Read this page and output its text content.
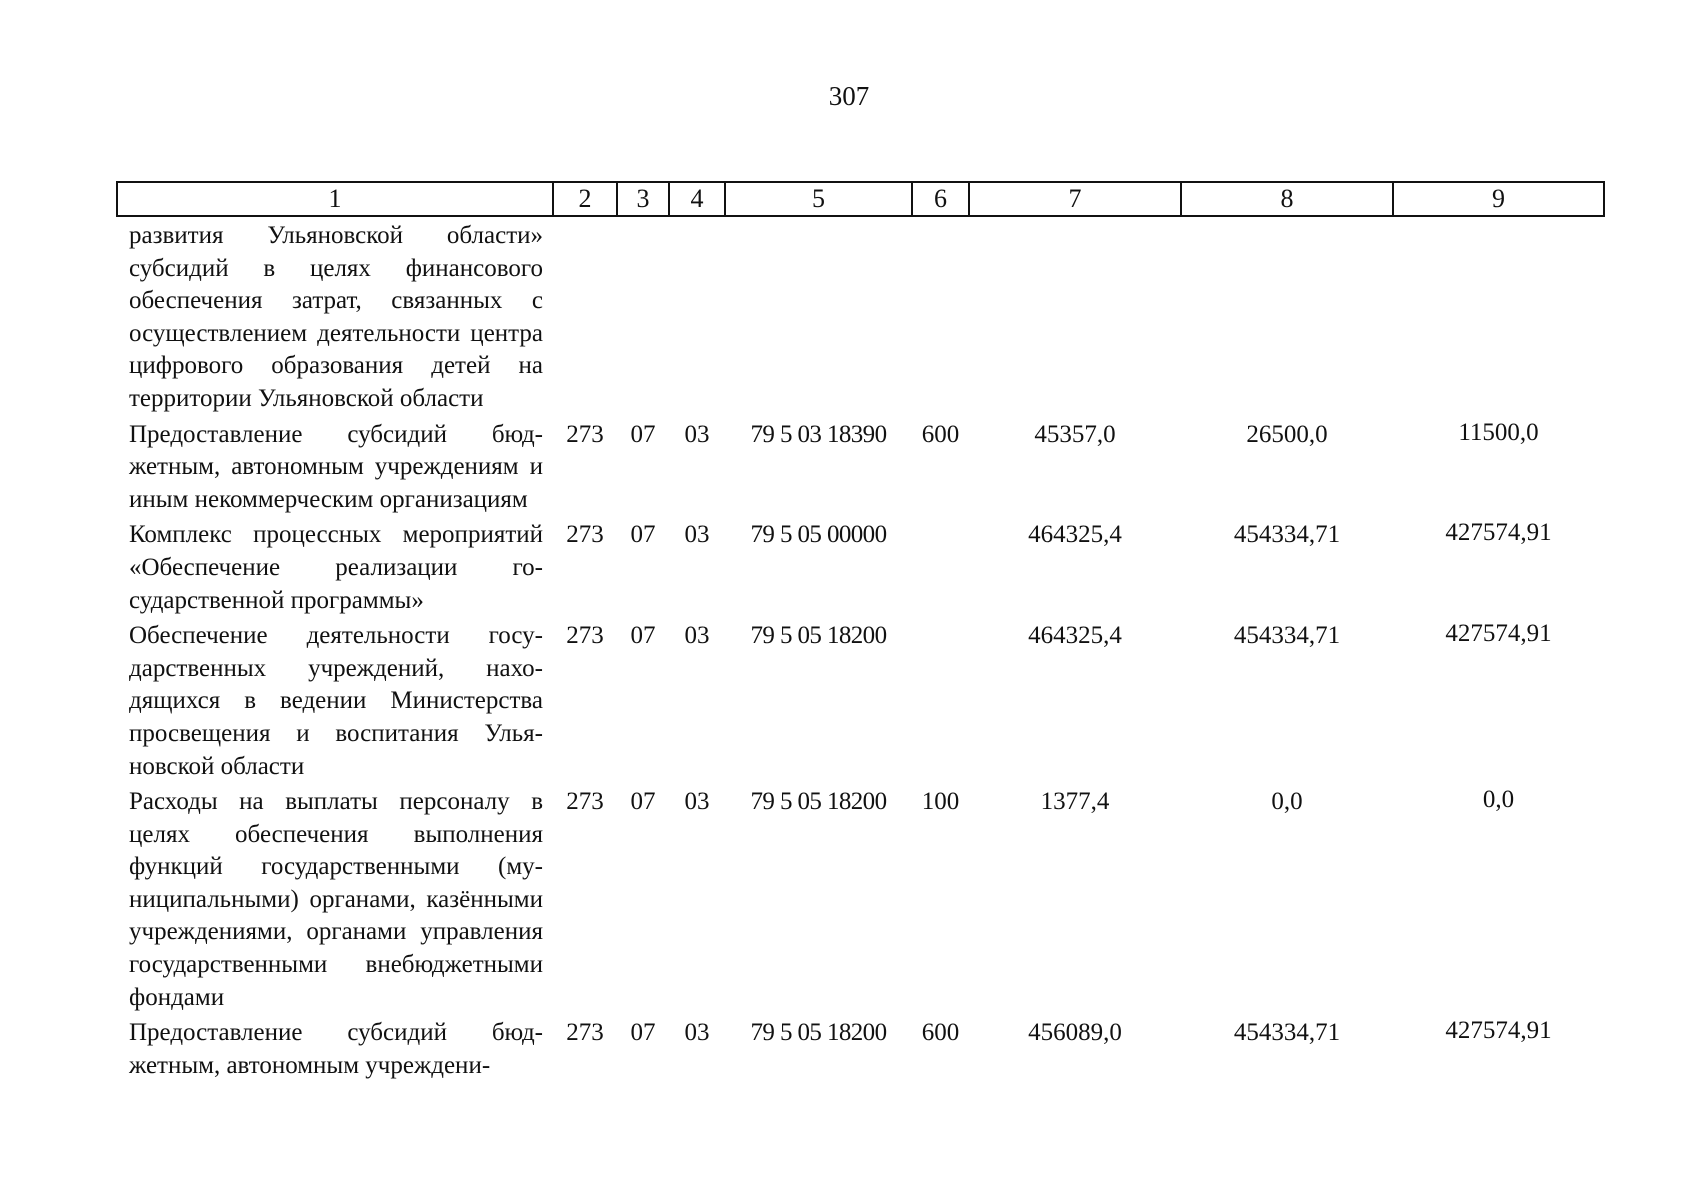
307
1	2	3	4	5	6	7	8	9
развития Ульяновской области» субсидий в целях финансового обеспечения затрат, связанных с осуществлением деятельности центра цифрового образования детей на территории Ульяновской области								
Предоставление субсидий бюджетным, автономным учреждениям и иным некоммерческим организациям	273	07	03	79 5 03 18390	600	45357,0	26500,0	11500,0
Комплекс процессных мероприятий «Обеспечение реализации государственной программы»	273	07	03	79 5 05 00000		464325,4	454334,71	427574,91
Обеспечение деятельности государственных учреждений, находящихся в ведении Министерства просвещения и воспитания Ульяновской области	273	07	03	79 5 05 18200		464325,4	454334,71	427574,91
Расходы на выплаты персоналу в целях обеспечения выполнения функций государственными (муниципальными) органами, казёнными учреждениями, органами управления государственными внебюджетными фондами	273	07	03	79 5 05 18200	100	1377,4	0,0	0,0
Предоставление субсидий бюджетным, автономным учреждени-	273	07	03	79 5 05 18200	600	456089,0	454334,71	427574,91
